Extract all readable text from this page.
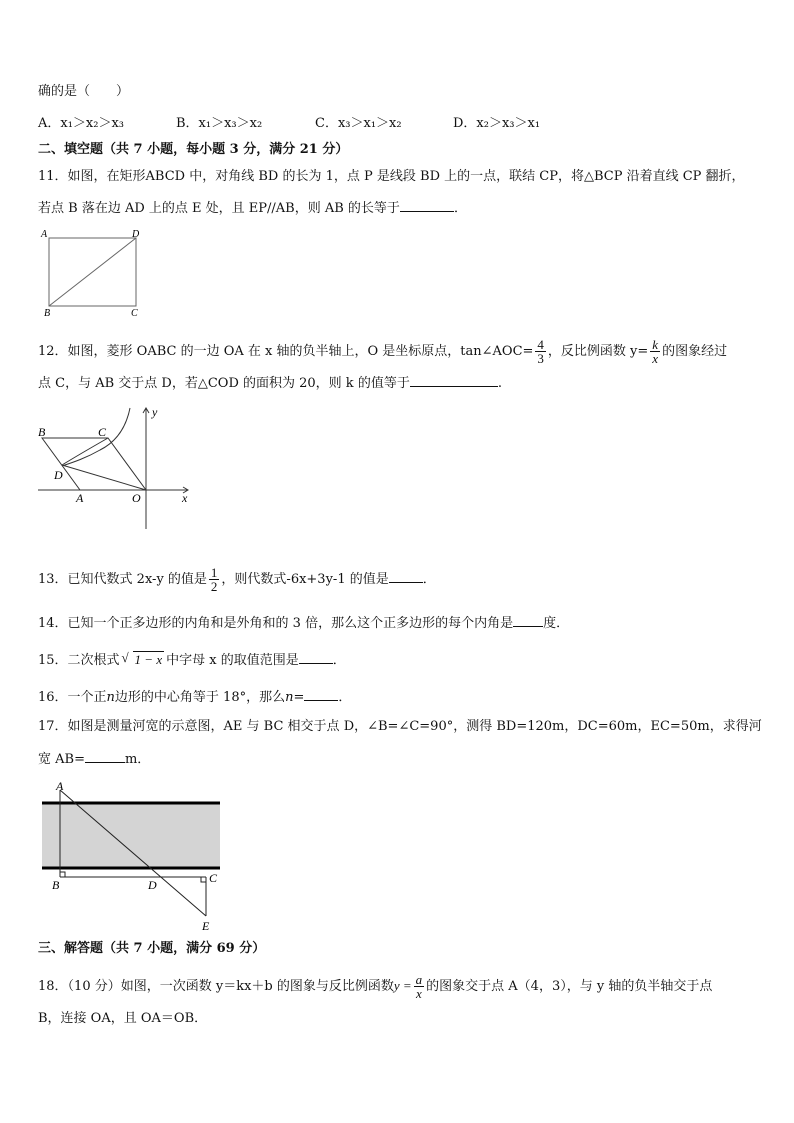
确的是（　　）
A．x₁＞x₂＞x₃	B．x₁＞x₃＞x₂	C．x₃＞x₁＞x₂	D．x₂＞x₃＞x₁
二、填空题（共 7 小题，每小题 3 分，满分 21 分）
11．如图，在矩形ABCD 中，对角线 BD 的长为 1，点 P 是线段 BD 上的一点，联结 CP，将△BCP 沿着直线 CP 翻折，
若点 B 落在边 AD 上的点 E 处，且 EP//AB，则 AB 的长等于	．
A	D
B	C
12．如图，菱形 OABC 的一边 OA 在 x 轴的负半轴上，O 是坐标原点，tan∠AOC= $\frac{4}{3}$ ，反比例函数 $y= \frac{k}{x}$ 的图象经过
点 C，与 AB 交于点 D，若△COD 的面积为 20，则 k 的值等于	.
B	C
D
A	O	x
y
13．已知代数式 2x-y 的值是 $\frac{1}{2}$ ，则代数式-6x+3y-1 的值是	．
14．已知一个正多边形的内角和是外角和的 3 倍，那么这个正多边形的每个内角是 度．
15．二次根式 √ 1 − x 中字母 x 的取值范围是	．
16．一个正n边形的中心角等于 18°，那么n=	．
17．如图是测量河宽的示意图，AE 与 BC 相交于点 D，∠B=∠C=90°，测得 BD=120m，DC=60m，EC=50m，求得河
宽 AB=	m．
A
B	D	C
E
三、解答题（共 7 小题，满分 69 分）
18．（10 分）如图，一次函数 y＝kx＋b 的图象与反比例函数$y = \frac{a}{x}$ 的图象交于点 A（4，3），与 y 轴的负半轴交于点
B，连接 OA，且 OA＝OB．
